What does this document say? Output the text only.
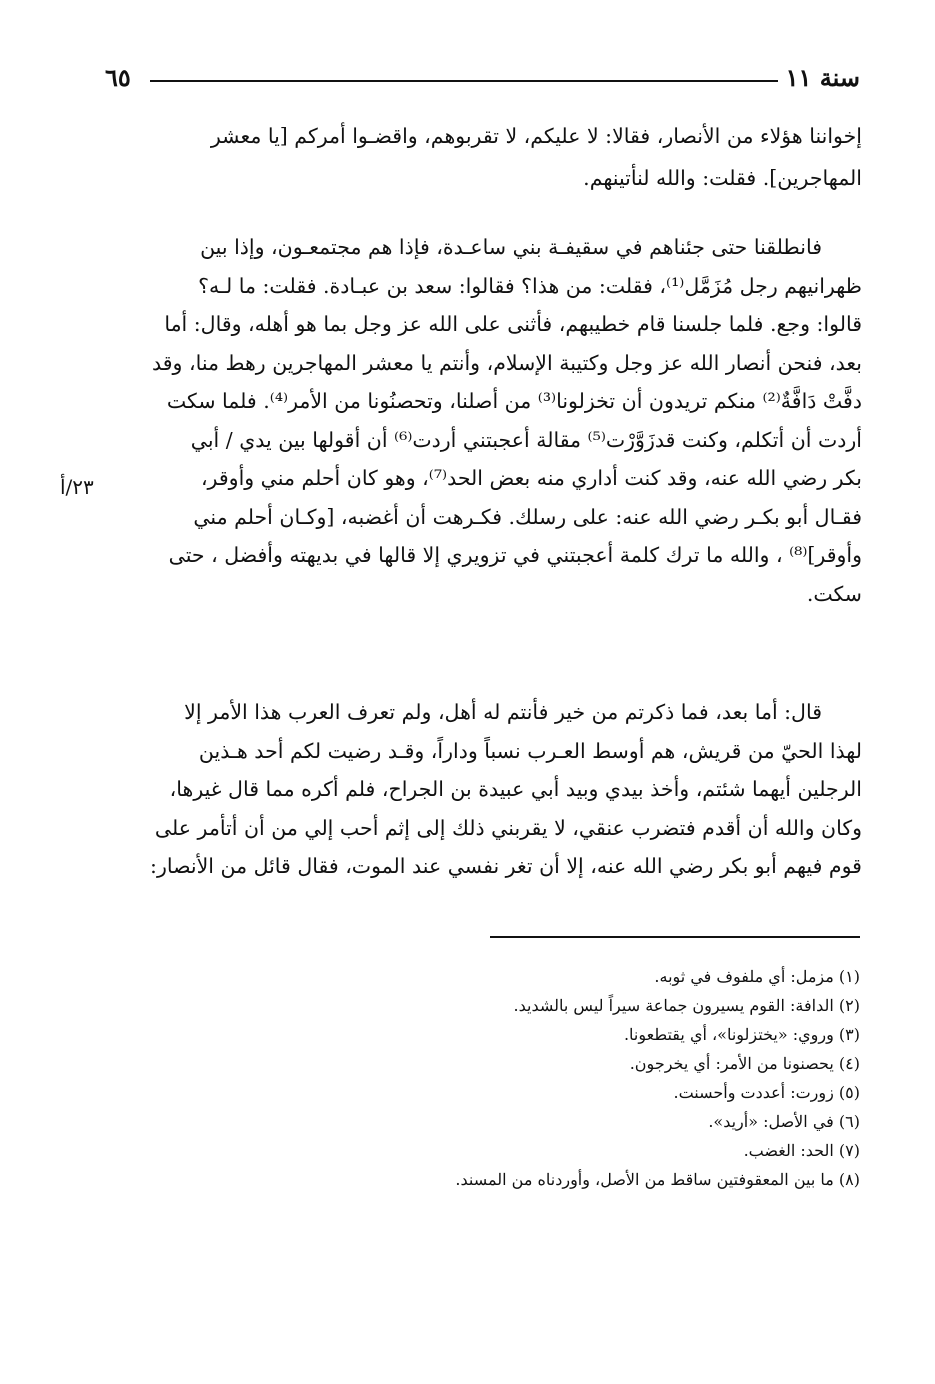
سنة ١١
٦٥
إخواننا هؤلاء من الأنصار، فقالا: لا عليكم، لا تقربوهم، واقضـوا أمركم [يا معشر
المهاجرين]. فقلت: والله لنأتينهم.
فانطلقنا حتى جئناهم في سقيفـة بني ساعـدة، فإذا هم مجتمعـون، وإذا بين
ظهرانيهم رجل مُزَمَّل⁽¹⁾، فقلت: من هذا؟ فقالوا: سعد بن عبـادة. فقلت: ما لـه؟
قالوا: وجع. فلما جلسنا قام خطيبهم، فأثنى على الله عز وجل بما هو أهله، وقال: أما
بعد، فنحن أنصار الله عز وجل وكتيبة الإسلام، وأنتم يا معشر المهاجرين رهط منا، وقد
دفَّتْ دَافَّةٌ⁽²⁾ منكم تريدون أن تخزلونا⁽³⁾ من أصلنا، وتحصنُونا من الأمر⁽⁴⁾. فلما سكت
أردت أن أتكلم، وكنت قدزَوَّرْت⁽⁵⁾ مقالة أعجبتني أردت⁽⁶⁾ أن أقولها بين يدي / أبي
بكر رضي الله عنه، وقد كنت أداري منه بعض الحد⁽⁷⁾، وهو كان أحلم مني وأوقر،
فقـال أبو بكـر رضي الله عنه: على رسلك. فكـرهت أن أغضبه، [وكـان أحلم مني
وأوقر]⁽⁸⁾ ، والله ما ترك كلمة أعجبتني في تزويري إلا قالها في بديهته وأفضل ، حتى
سكت.
٢٣/أ
قال: أما بعد، فما ذكرتم من خير فأنتم له أهل، ولم تعرف العرب هذا الأمر إلا
لهذا الحيّ من قريش، هم أوسط العـرب نسباً وداراً، وقـد رضيت لكم أحد هـذين
الرجلين أيهما شئتم، وأخذ بيدي وبيد أبي عبيدة بن الجراح، فلم أكره مما قال غيرها،
وكان والله أن أقدم فتضرب عنقي، لا يقربني ذلك إلى إثم أحب إلي من أن أتأمر على
قوم فيهم أبو بكر رضي الله عنه، إلا أن تغر نفسي عند الموت، فقال قائل من الأنصار:
(١) مزمل: أي ملفوف في ثوبه.
(٢) الدافة: القوم يسيرون جماعة سيراً ليس بالشديد.
(٣) وروي: «يختزلونا»، أي يقتطعونا.
(٤) يحصنونا من الأمر: أي يخرجون.
(٥) زورت: أعددت وأحسنت.
(٦) في الأصل: «أريد».
(٧) الحد: الغضب.
(٨) ما بين المعقوفتين ساقط من الأصل، وأوردناه من المسند.
